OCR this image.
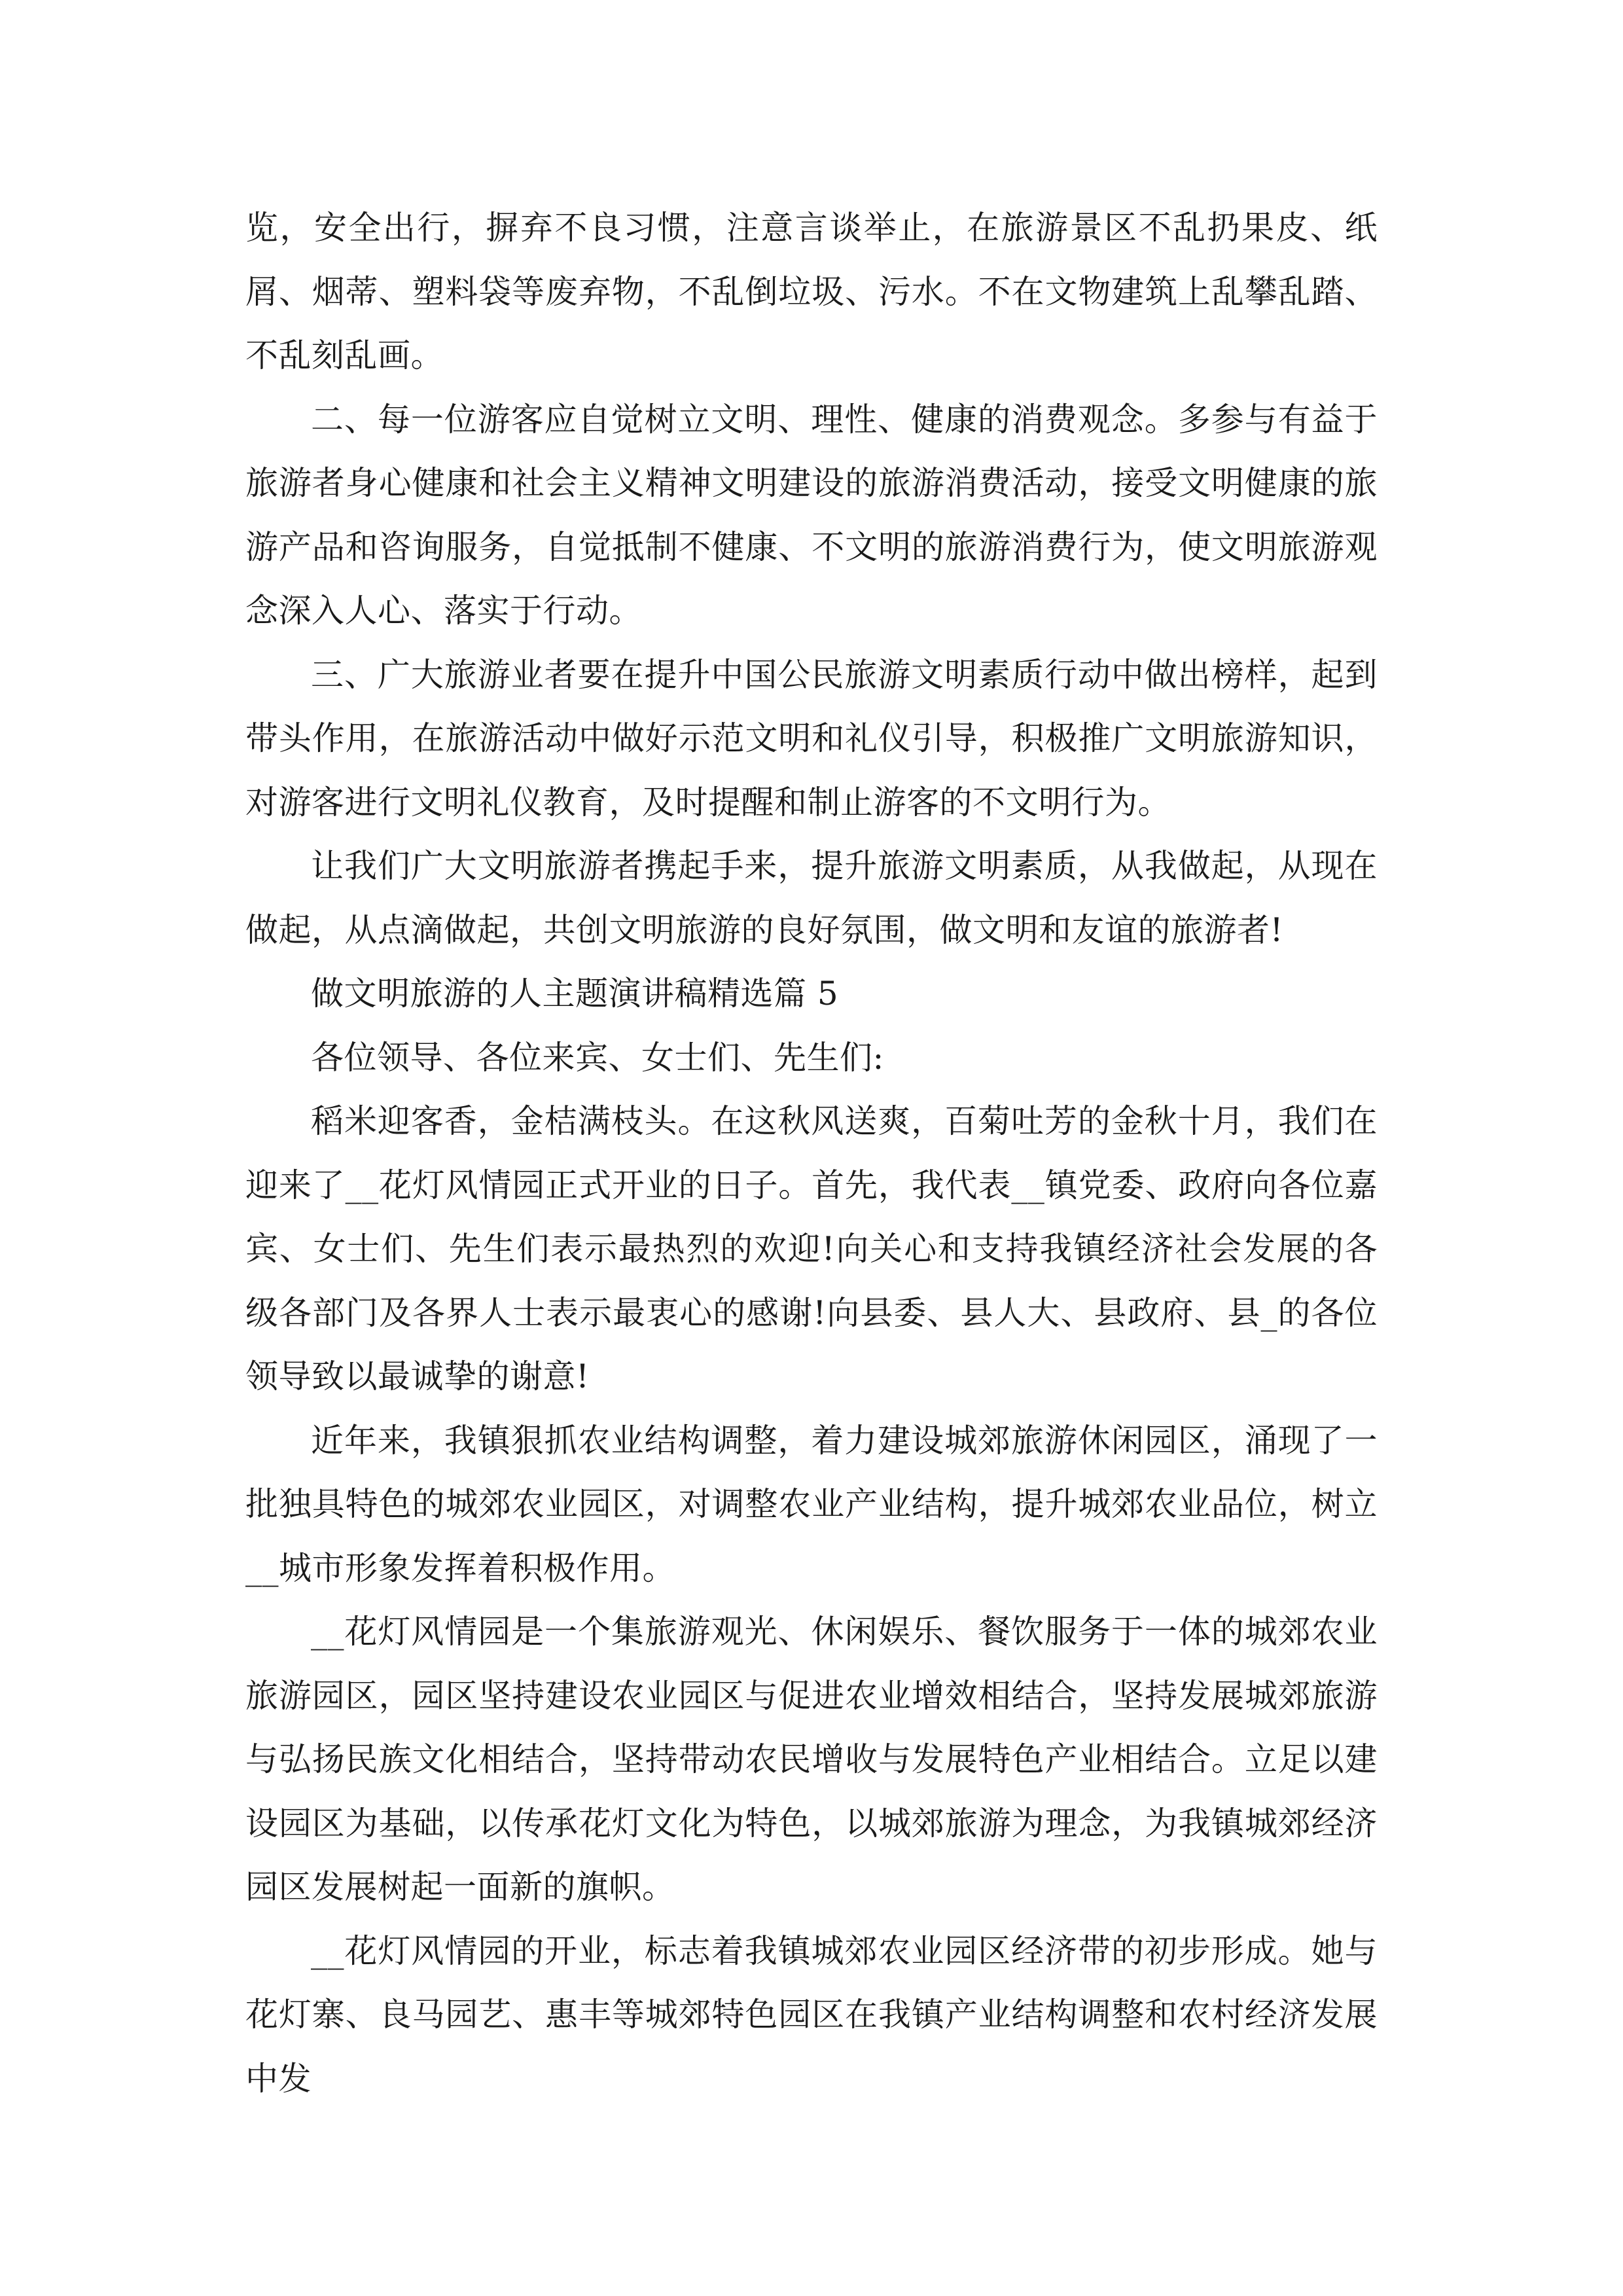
览，安全出行，摒弃不良习惯，注意言谈举止，在旅游景区不乱扔果皮、纸屑、烟蒂、塑料袋等废弃物，不乱倒垃圾、污水。不在文物建筑上乱攀乱踏、不乱刻乱画。

二、每一位游客应自觉树立文明、理性、健康的消费观念。多参与有益于旅游者身心健康和社会主义精神文明建设的旅游消费活动，接受文明健康的旅游产品和咨询服务，自觉抵制不健康、不文明的旅游消费行为，使文明旅游观念深入人心、落实于行动。

三、广大旅游业者要在提升中国公民旅游文明素质行动中做出榜样，起到带头作用，在旅游活动中做好示范文明和礼仪引导，积极推广文明旅游知识，对游客进行文明礼仪教育，及时提醒和制止游客的不文明行为。

让我们广大文明旅游者携起手来，提升旅游文明素质，从我做起，从现在做起，从点滴做起，共创文明旅游的良好氛围，做文明和友谊的旅游者!

做文明旅游的人主题演讲稿精选篇 5

各位领导、各位来宾、女士们、先生们:

稻米迎客香，金桔满枝头。在这秋风送爽，百菊吐芳的金秋十月，我们在迎来了__花灯风情园正式开业的日子。首先，我代表__镇党委、政府向各位嘉宾、女士们、先生们表示最热烈的欢迎!向关心和支持我镇经济社会发展的各级各部门及各界人士表示最衷心的感谢!向县委、县人大、县政府、县_的各位领导致以最诚挚的谢意!

近年来，我镇狠抓农业结构调整，着力建设城郊旅游休闲园区，涌现了一批独具特色的城郊农业园区，对调整农业产业结构，提升城郊农业品位，树立__城市形象发挥着积极作用。

__花灯风情园是一个集旅游观光、休闲娱乐、餐饮服务于一体的城郊农业旅游园区，园区坚持建设农业园区与促进农业增效相结合，坚持发展城郊旅游与弘扬民族文化相结合，坚持带动农民增收与发展特色产业相结合。立足以建设园区为基础，以传承花灯文化为特色，以城郊旅游为理念，为我镇城郊经济园区发展树起一面新的旗帜。

__花灯风情园的开业，标志着我镇城郊农业园区经济带的初步形成。她与花灯寨、良马园艺、惠丰等城郊特色园区在我镇产业结构调整和农村经济发展中发
